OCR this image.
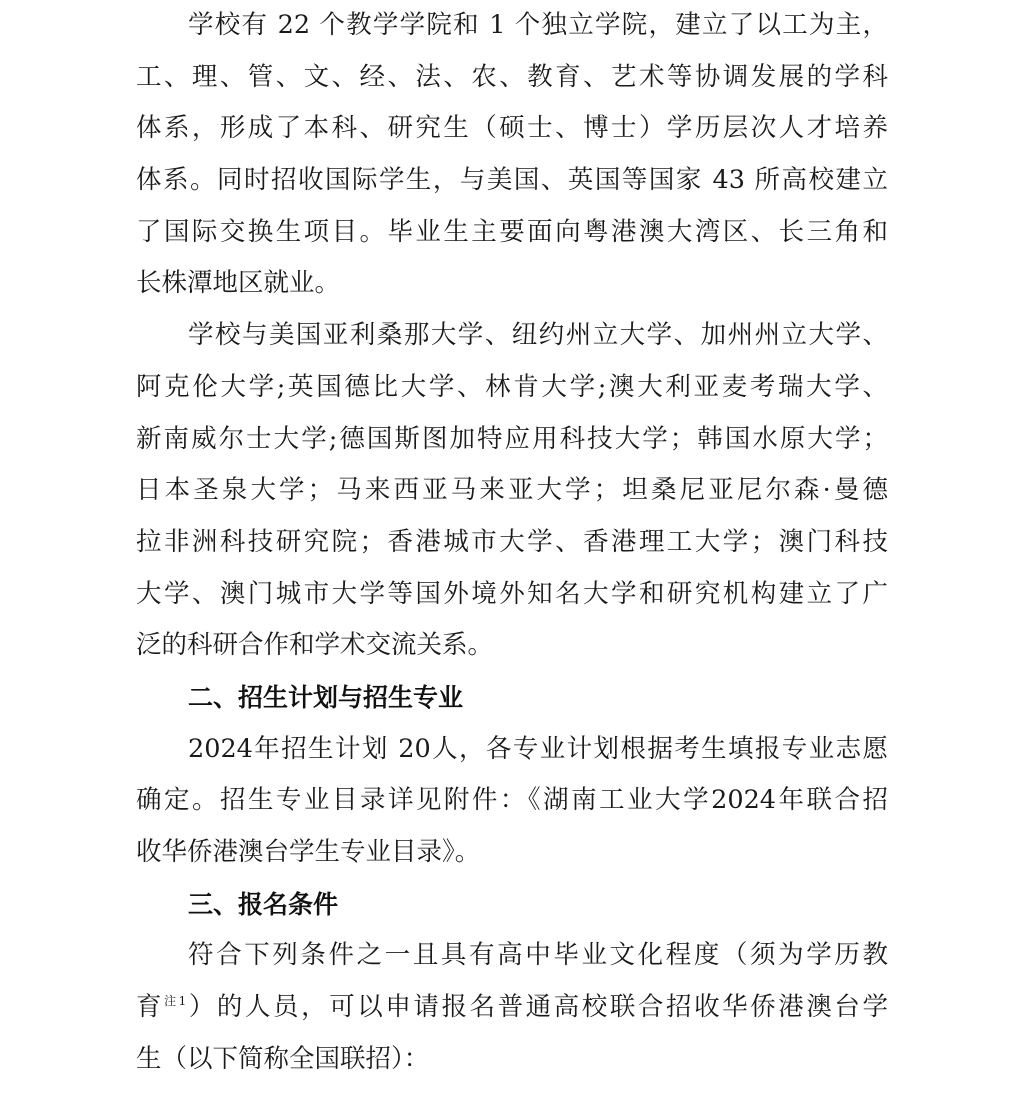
学校有 22 个教学学院和 1 个独立学院，建立了以工为主，
工、理、管、文、经、法、农、教育、艺术等协调发展的学科
体系，形成了本科、研究生（硕士、博士）学历层次人才培养
体系。同时招收国际学生，与美国、英国等国家 43 所高校建立
了国际交换生项目。毕业生主要面向粤港澳大湾区、长三角和
长株潭地区就业。
学校与美国亚利桑那大学、纽约州立大学、加州州立大学、
阿克伦大学;英国德比大学、林肯大学;澳大利亚麦考瑞大学、
新南威尔士大学;德国斯图加特应用科技大学；韩国水原大学；
日本圣泉大学；马来西亚马来亚大学；坦桑尼亚尼尔森·曼德
拉非洲科技研究院；香港城市大学、香港理工大学；澳门科技
大学、澳门城市大学等国外境外知名大学和研究机构建立了广
泛的科研合作和学术交流关系。
二、招生计划与招生专业
2024年招生计划 20人，各专业计划根据考生填报专业志愿
确定。招生专业目录详见附件：《湖南工业大学2024年联合招
收华侨港澳台学生专业目录》。
三、报名条件
符合下列条件之一且具有高中毕业文化程度（须为学历教
育$^{注1}$）的人员，可以申请报名普通高校联合招收华侨港澳台学
生（以下简称全国联招）：
